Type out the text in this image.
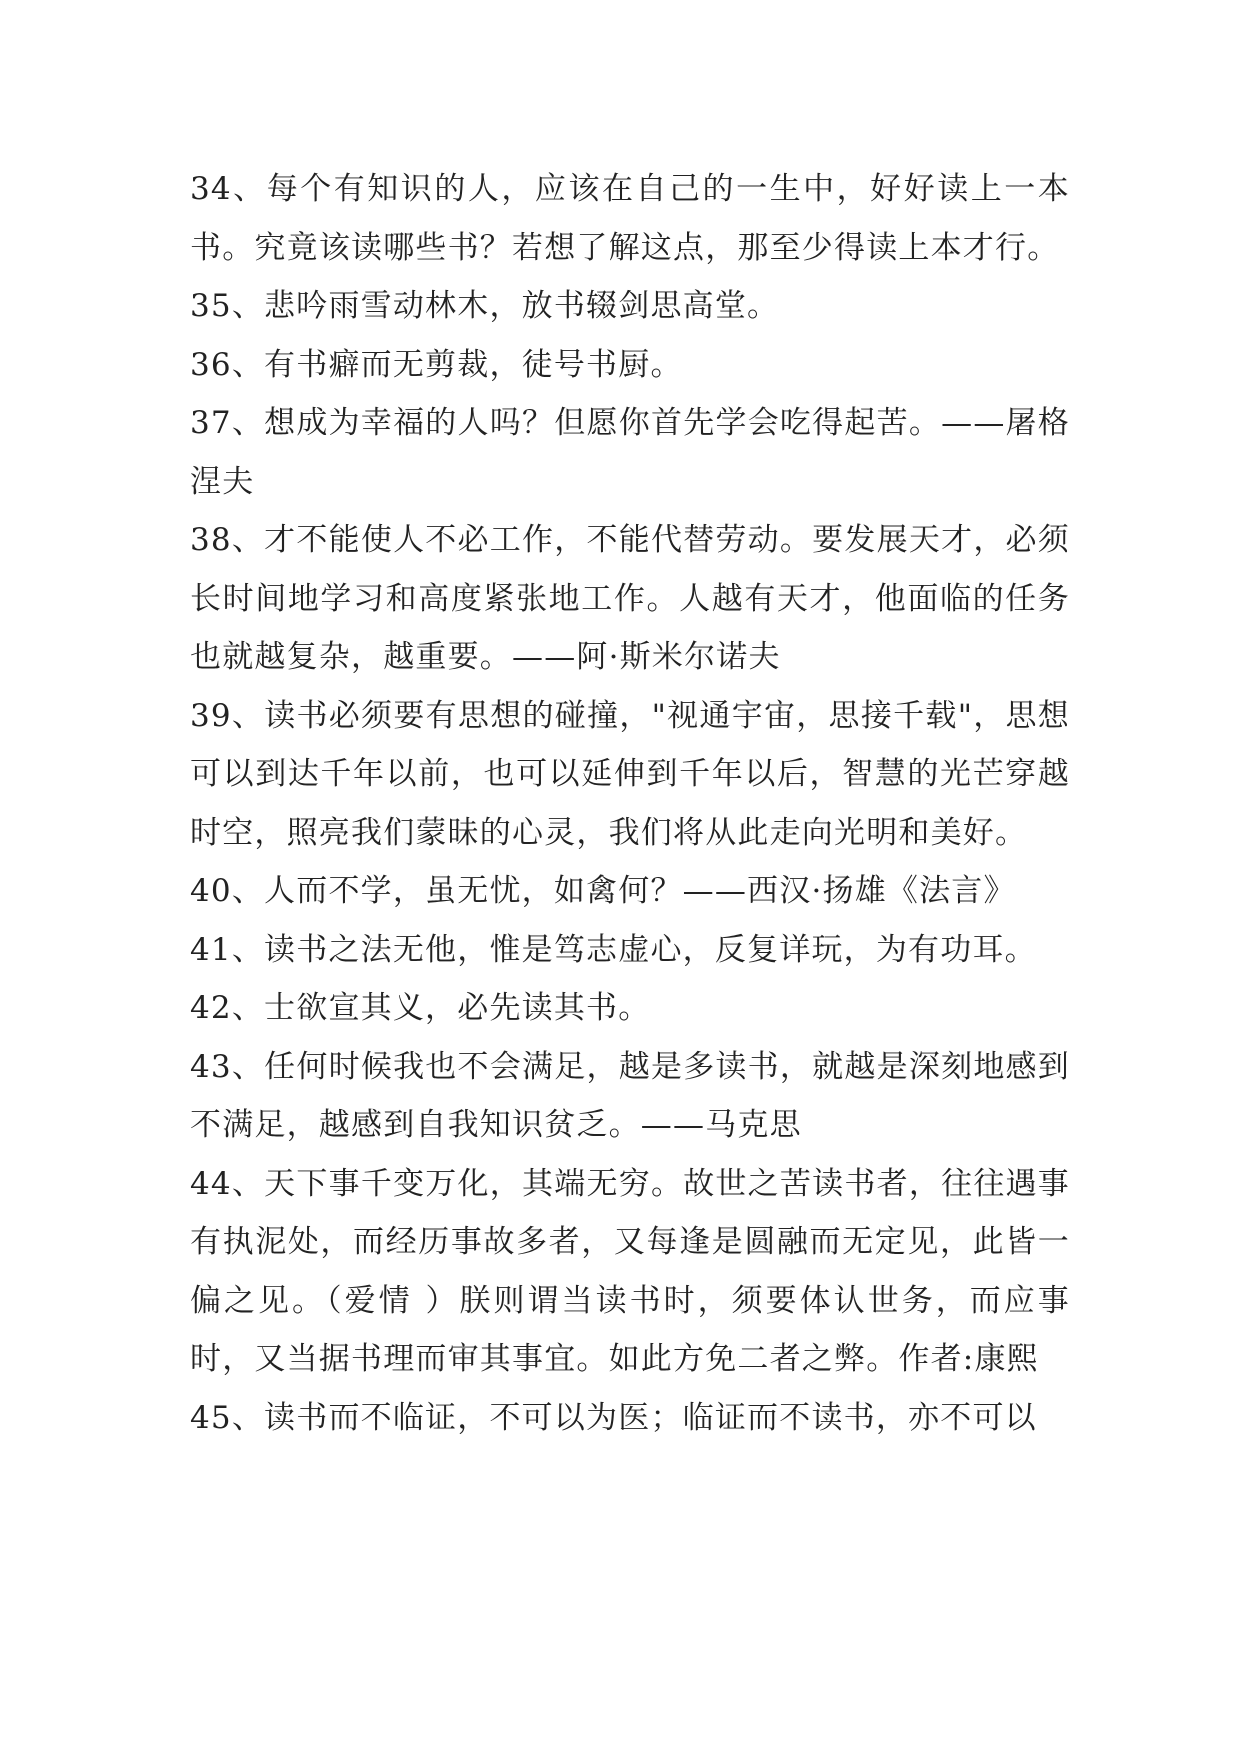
34、每个有知识的人，应该在自己的一生中，好好读上一本书。究竟该读哪些书？若想了解这点，那至少得读上本才行。

35、悲吟雨雪动林木，放书辍剑思高堂。

36、有书癖而无剪裁，徒号书厨。

37、想成为幸福的人吗？但愿你首先学会吃得起苦。——屠格涅夫

38、才不能使人不必工作，不能代替劳动。要发展天才，必须长时间地学习和高度紧张地工作。人越有天才，他面临的任务也就越复杂，越重要。——阿·斯米尔诺夫

39、读书必须要有思想的碰撞，"视通宇宙，思接千载"，思想可以到达千年以前，也可以延伸到千年以后，智慧的光芒穿越时空，照亮我们蒙昧的心灵，我们将从此走向光明和美好。

40、人而不学，虽无忧，如禽何？——西汉·扬雄《法言》

41、读书之法无他，惟是笃志虚心，反复详玩，为有功耳。

42、士欲宣其义，必先读其书。

43、任何时候我也不会满足，越是多读书，就越是深刻地感到不满足，越感到自我知识贫乏。——马克思

44、天下事千变万化，其端无穷。故世之苦读书者，往往遇事有执泥处，而经历事故多者，又每逢是圆融而无定见，此皆一偏之见。（爱情 ）朕则谓当读书时，须要体认世务，而应事时，又当据书理而审其事宜。如此方免二者之弊。作者:康熙

45、读书而不临证，不可以为医；临证而不读书，亦不可以
